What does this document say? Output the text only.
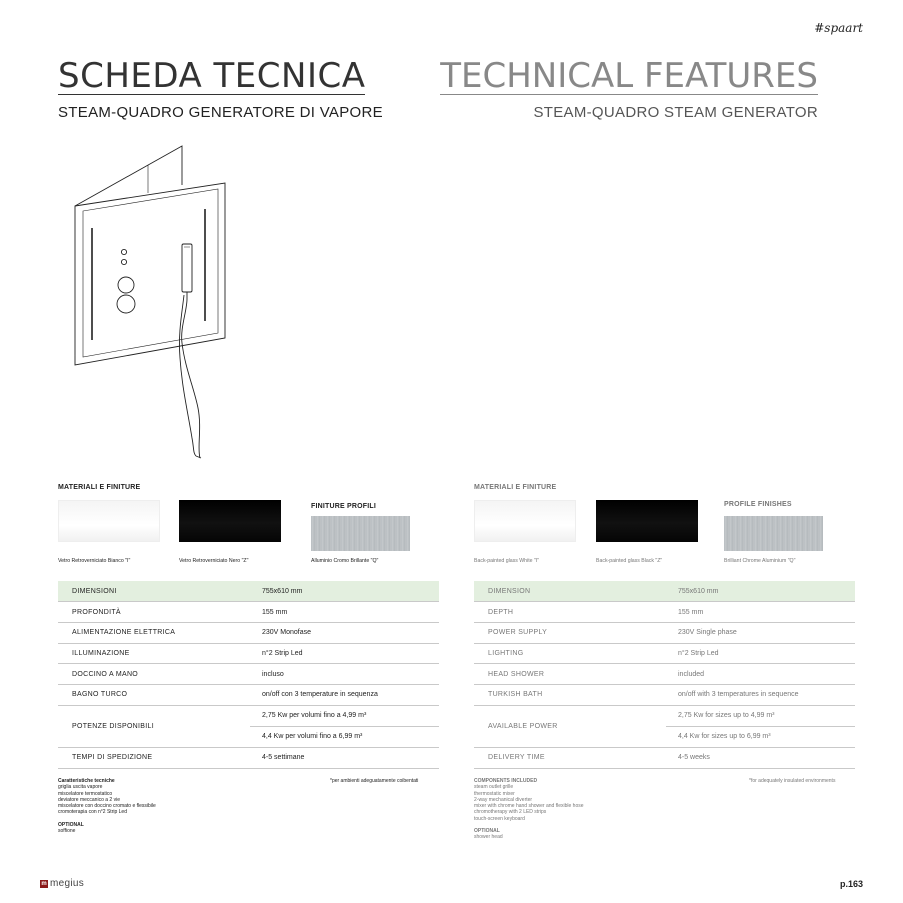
#spaart
SCHEDA TECNICA TECHNICAL FEATURES
STEAM-QUADRO GENERATORE DI VAPORE	STEAM-QUADRO STEAM GENERATOR
MATERIALI E FINITURE
FINITURE PROFILI
Vetro Retroverniciato Bianco "I"	Vetro Retroverniciato Nero "Z"	Alluminio Cromo Brillante "Q"
MATERIALI E FINITURE
PROFILE FINISHES
Back-painted glass White "I"	Back-painted glass Black "Z"	Brilliant Chrome Aluminium "Q"
DIMENSIONI	755x610 mm
PROFONDITÀ	155 mm
ALIMENTAZIONE ELETTRICA	230V Monofase
ILLUMINAZIONE	n°2 Strip Led
DOCCINO A MANO	incluso
BAGNO TURCO	on/off con 3 temperature in sequenza
POTENZE DISPONIBILI	2,75 Kw per volumi fino a 4,99 m³
4,4 Kw per volumi fino a 6,99 m³

TEMPI DI SPEDIZIONE	4-5 settimane
DIMENSION	755x610 mm
DEPTH	155 mm
POWER SUPPLY	230V Single phase
LIGHTING	n°2 Strip Led
HEAD SHOWER	included
TURKISH BATH	on/off with 3 temperatures in sequence
AVAILABLE POWER	2,75 Kw for sizes up to 4,99 m³
4,4 Kw for sizes up to 6,99 m³

DELIVERY TIME	4-5 weeks
*per ambienti adeguatamente coibentati	*for adequately insulated environments
Caratteristiche tecniche
griglia uscita vapore
miscelatore termostatico
deviatore meccanico a 2 vie
miscelatore con doccino cromato e flessibile
cromoterapia con n°2 Strip Led
OPTIONAL
soffione
COMPONENTS INCLUDED
steam outlet grille
thermostatic mixer
2-way mechanical diverter
mixer with chrome hand shower and flexible hose
chromotherapy with 2 LED strips
touch-screen keyboard
OPTIONAL
shower head
m megius	p.163
